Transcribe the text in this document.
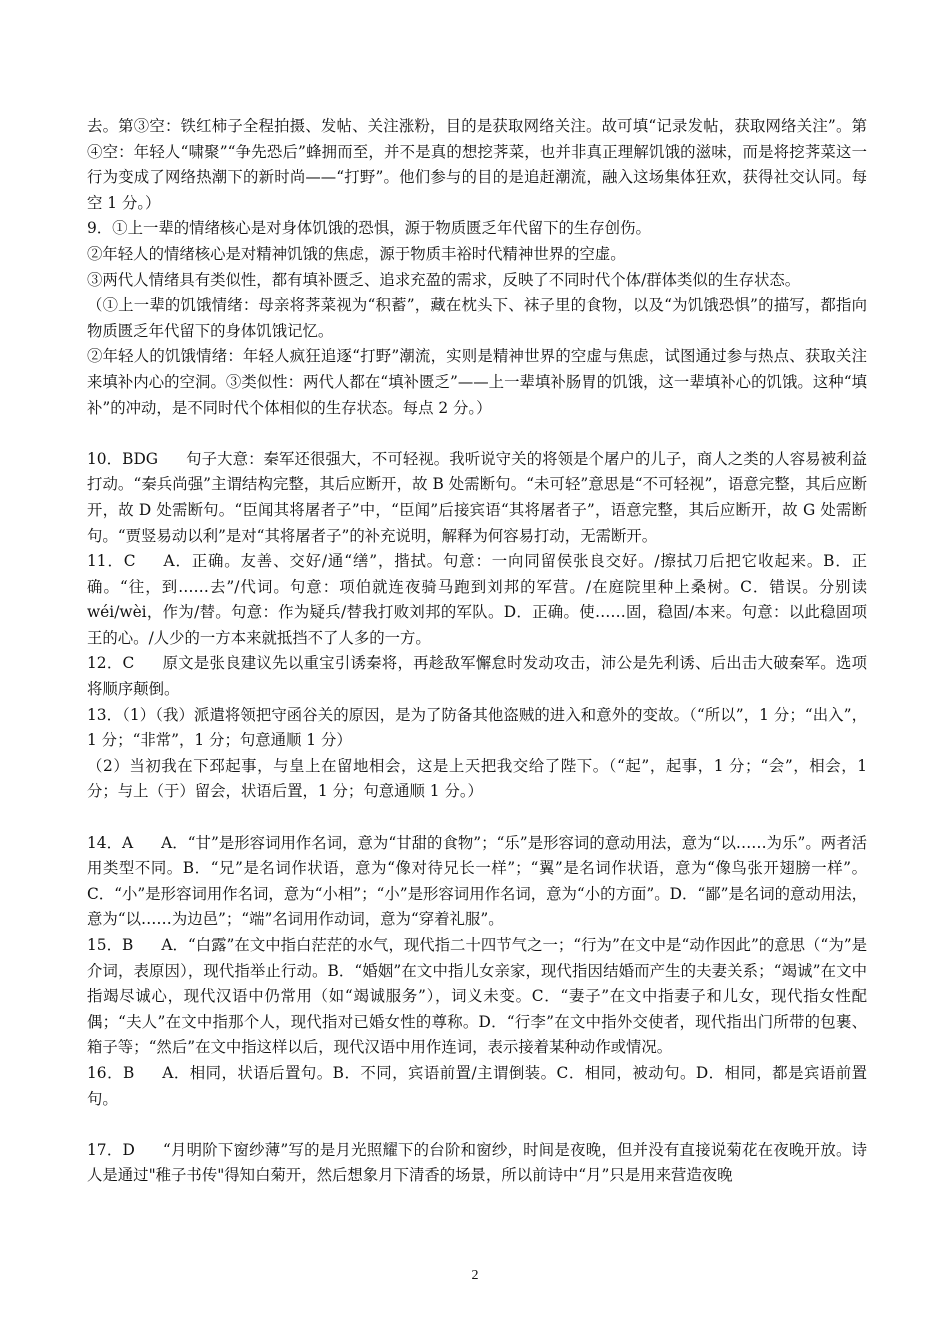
去。第③空：铁红柿子全程拍摄、发帖、关注涨粉，目的是获取网络关注。故可填“记录发帖，获取网络关注”。第④空：年轻人“啸聚”“争先恐后”蜂拥而至，并不是真的想挖荠菜，也并非真正理解饥饿的滋味，而是将挖荠菜这一行为变成了网络热潮下的新时尚——“打野”。他们参与的目的是追赶潮流，融入这场集体狂欢，获得社交认同。每空 1 分。）

9．①上一辈的情绪核心是对身体饥饿的恐惧，源于物质匮乏年代留下的生存创伤。

②年轻人的情绪核心是对精神饥饿的焦虑，源于物质丰裕时代精神世界的空虚。

③两代人情绪具有类似性，都有填补匮乏、追求充盈的需求，反映了不同时代个体/群体类似的生存状态。

（①上一辈的饥饿情绪：母亲将荠菜视为“积蓄”，藏在枕头下、袜子里的食物，以及“为饥饿恐惧”的描写，都指向物质匮乏年代留下的身体饥饿记忆。

②年轻人的饥饿情绪：年轻人疯狂追逐“打野”潮流，实则是精神世界的空虚与焦虑，试图通过参与热点、获取关注来填补内心的空洞。③类似性：两代人都在“填补匮乏”——上一辈填补肠胃的饥饿，这一辈填补心的饥饿。这种“填补”的冲动，是不同时代个体相似的生存状态。每点 2 分。）

10．BDG 句子大意：秦军还很强大，不可轻视。我听说守关的将领是个屠户的儿子，商人之类的人容易被利益打动。“秦兵尚强”主谓结构完整，其后应断开，故 B 处需断句。“未可轻”意思是“不可轻视”，语意完整，其后应断开，故 D 处需断句。“臣闻其将屠者子”中，“臣闻”后接宾语“其将屠者子”，语意完整，其后应断开，故 G 处需断句。“贾竖易动以利”是对“其将屠者子”的补充说明，解释为何容易打动，无需断开。

11．C A．正确。友善、交好/通“缮”，揩拭。句意：一向同留侯张良交好。/擦拭刀后把它收起来。B．正确。“往，到……去”/代词。句意：项伯就连夜骑马跑到刘邦的军营。/在庭院里种上桑树。C．错误。分别读 wéi/wèi，作为/替。句意：作为疑兵/替我打败刘邦的军队。D．正确。使……固，稳固/本来。句意：以此稳固项王的心。/人少的一方本来就抵挡不了人多的一方。

12．C 原文是张良建议先以重宝引诱秦将，再趁敌军懈怠时发动攻击，沛公是先利诱、后出击大破秦军。选项将顺序颠倒。

13．（1）（我）派遣将领把守函谷关的原因，是为了防备其他盗贼的进入和意外的变故。（“所以”，1 分；“出入”，1 分；“非常”，1 分；句意通顺 1 分）

（2）当初我在下邳起事，与皇上在留地相会，这是上天把我交给了陛下。（“起”，起事，1 分；“会”，相会，1 分；与上（于）留会，状语后置，1 分；句意通顺 1 分。）

14．A A．“甘”是形容词用作名词，意为“甘甜的食物”；“乐”是形容词的意动用法，意为“以……为乐”。两者活用类型不同。B．“兄”是名词作状语，意为“像对待兄长一样”；“翼”是名词作状语，意为“像鸟张开翅膀一样”。C．“小”是形容词用作名词，意为“小相”；“小”是形容词用作名词，意为“小的方面”。D．“鄙”是名词的意动用法，意为“以……为边邑”；“端”名词用作动词，意为“穿着礼服”。

15．B A．“白露”在文中指白茫茫的水气，现代指二十四节气之一；“行为”在文中是“动作因此”的意思（“为”是介词，表原因），现代指举止行动。B．“婚姻”在文中指儿女亲家，现代指因结婚而产生的夫妻关系；“竭诚”在文中指竭尽诚心，现代汉语中仍常用（如“竭诚服务”），词义未变。C．“妻子”在文中指妻子和儿女，现代指女性配偶；“夫人”在文中指那个人，现代指对已婚女性的尊称。D．“行李”在文中指外交使者，现代指出门所带的包裹、箱子等；“然后”在文中指这样以后，现代汉语中用作连词，表示接着某种动作或情况。

16．B A．相同，状语后置句。B．不同，宾语前置/主谓倒装。C．相同，被动句。D．相同，都是宾语前置句。

17．D “月明阶下窗纱薄”写的是月光照耀下的台阶和窗纱，时间是夜晚，但并没有直接说菊花在夜晚开放。诗人是通过"稚子书传"得知白菊开，然后想象月下清香的场景，所以前诗中“月”只是用来营造夜晚

2
